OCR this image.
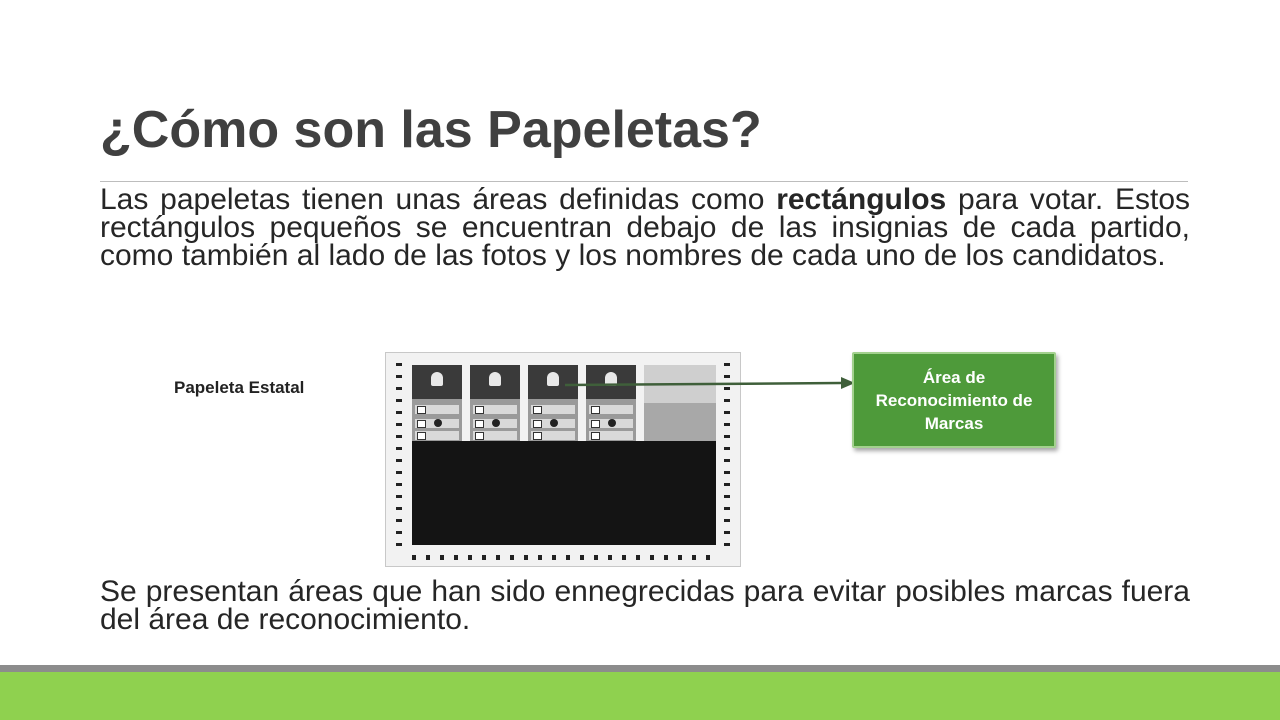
¿Cómo son las Papeletas?
Las papeletas tienen unas áreas definidas como rectángulos para votar. Estos rectángulos pequeños se encuentran debajo de las insignias de cada partido, como también al lado de las fotos y los nombres de cada uno de los candidatos.
Papeleta Estatal
Área de Reconocimiento de Marcas
Se presentan áreas que han sido ennegrecidas para evitar posibles marcas fuera del área de reconocimiento.
